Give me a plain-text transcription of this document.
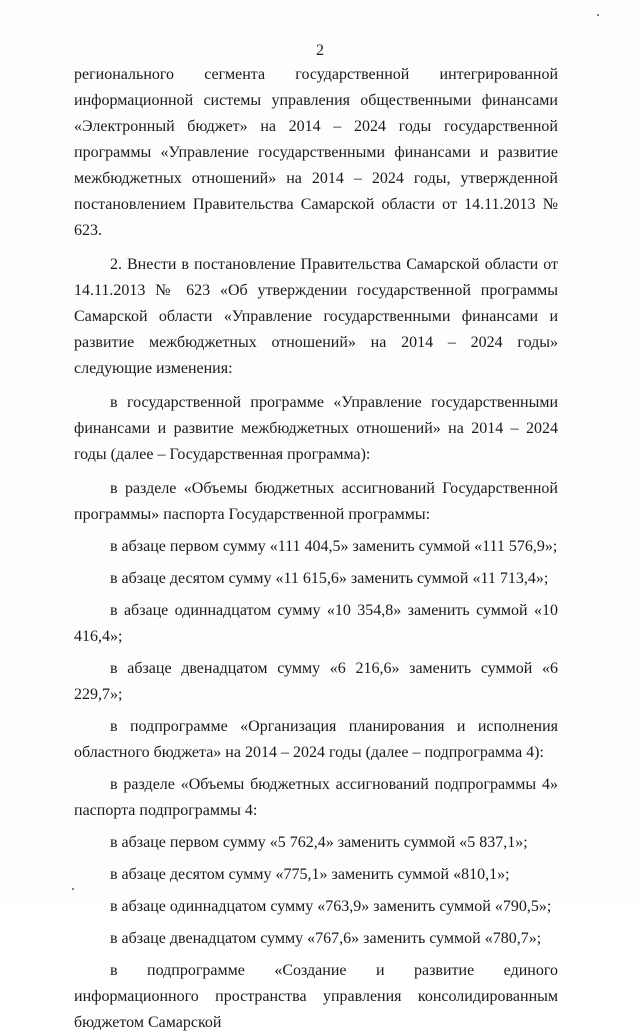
2

регионального сегмента государственной интегрированной информационной системы управления общественными финансами «Электронный бюджет» на 2014 – 2024 годы государственной программы «Управление государственными финансами и развитие межбюджетных отношений» на 2014 – 2024 годы, утвержденной постановлением Правительства Самарской области от 14.11.2013 № 623.

2. Внести в постановление Правительства Самарской области от 14.11.2013 № 623 «Об утверждении государственной программы Самарской области «Управление государственными финансами и развитие межбюджетных отношений» на 2014 – 2024 годы» следующие изменения:

в государственной программе «Управление государственными финансами и развитие межбюджетных отношений» на 2014 – 2024 годы (далее – Государственная программа):

в разделе «Объемы бюджетных ассигнований Государственной программы» паспорта Государственной программы:

в абзаце первом сумму «111 404,5» заменить суммой «111 576,9»;

в абзаце десятом сумму «11 615,6» заменить суммой «11 713,4»;

в абзаце одиннадцатом сумму «10 354,8» заменить суммой «10 416,4»;

в абзаце двенадцатом сумму «6 216,6» заменить суммой «6 229,7»;

в подпрограмме «Организация планирования и исполнения областного бюджета» на 2014 – 2024 годы (далее – подпрограмма 4):

в разделе «Объемы бюджетных ассигнований подпрограммы 4» паспорта подпрограммы 4:

в абзаце первом сумму «5 762,4» заменить суммой «5 837,1»;

в абзаце десятом сумму «775,1» заменить суммой «810,1»;

в абзаце одиннадцатом сумму «763,9» заменить суммой «790,5»;

в абзаце двенадцатом сумму «767,6» заменить суммой «780,7»;

в подпрограмме «Создание и развитие единого информационного пространства управления консолидированным бюджетом Самарской
